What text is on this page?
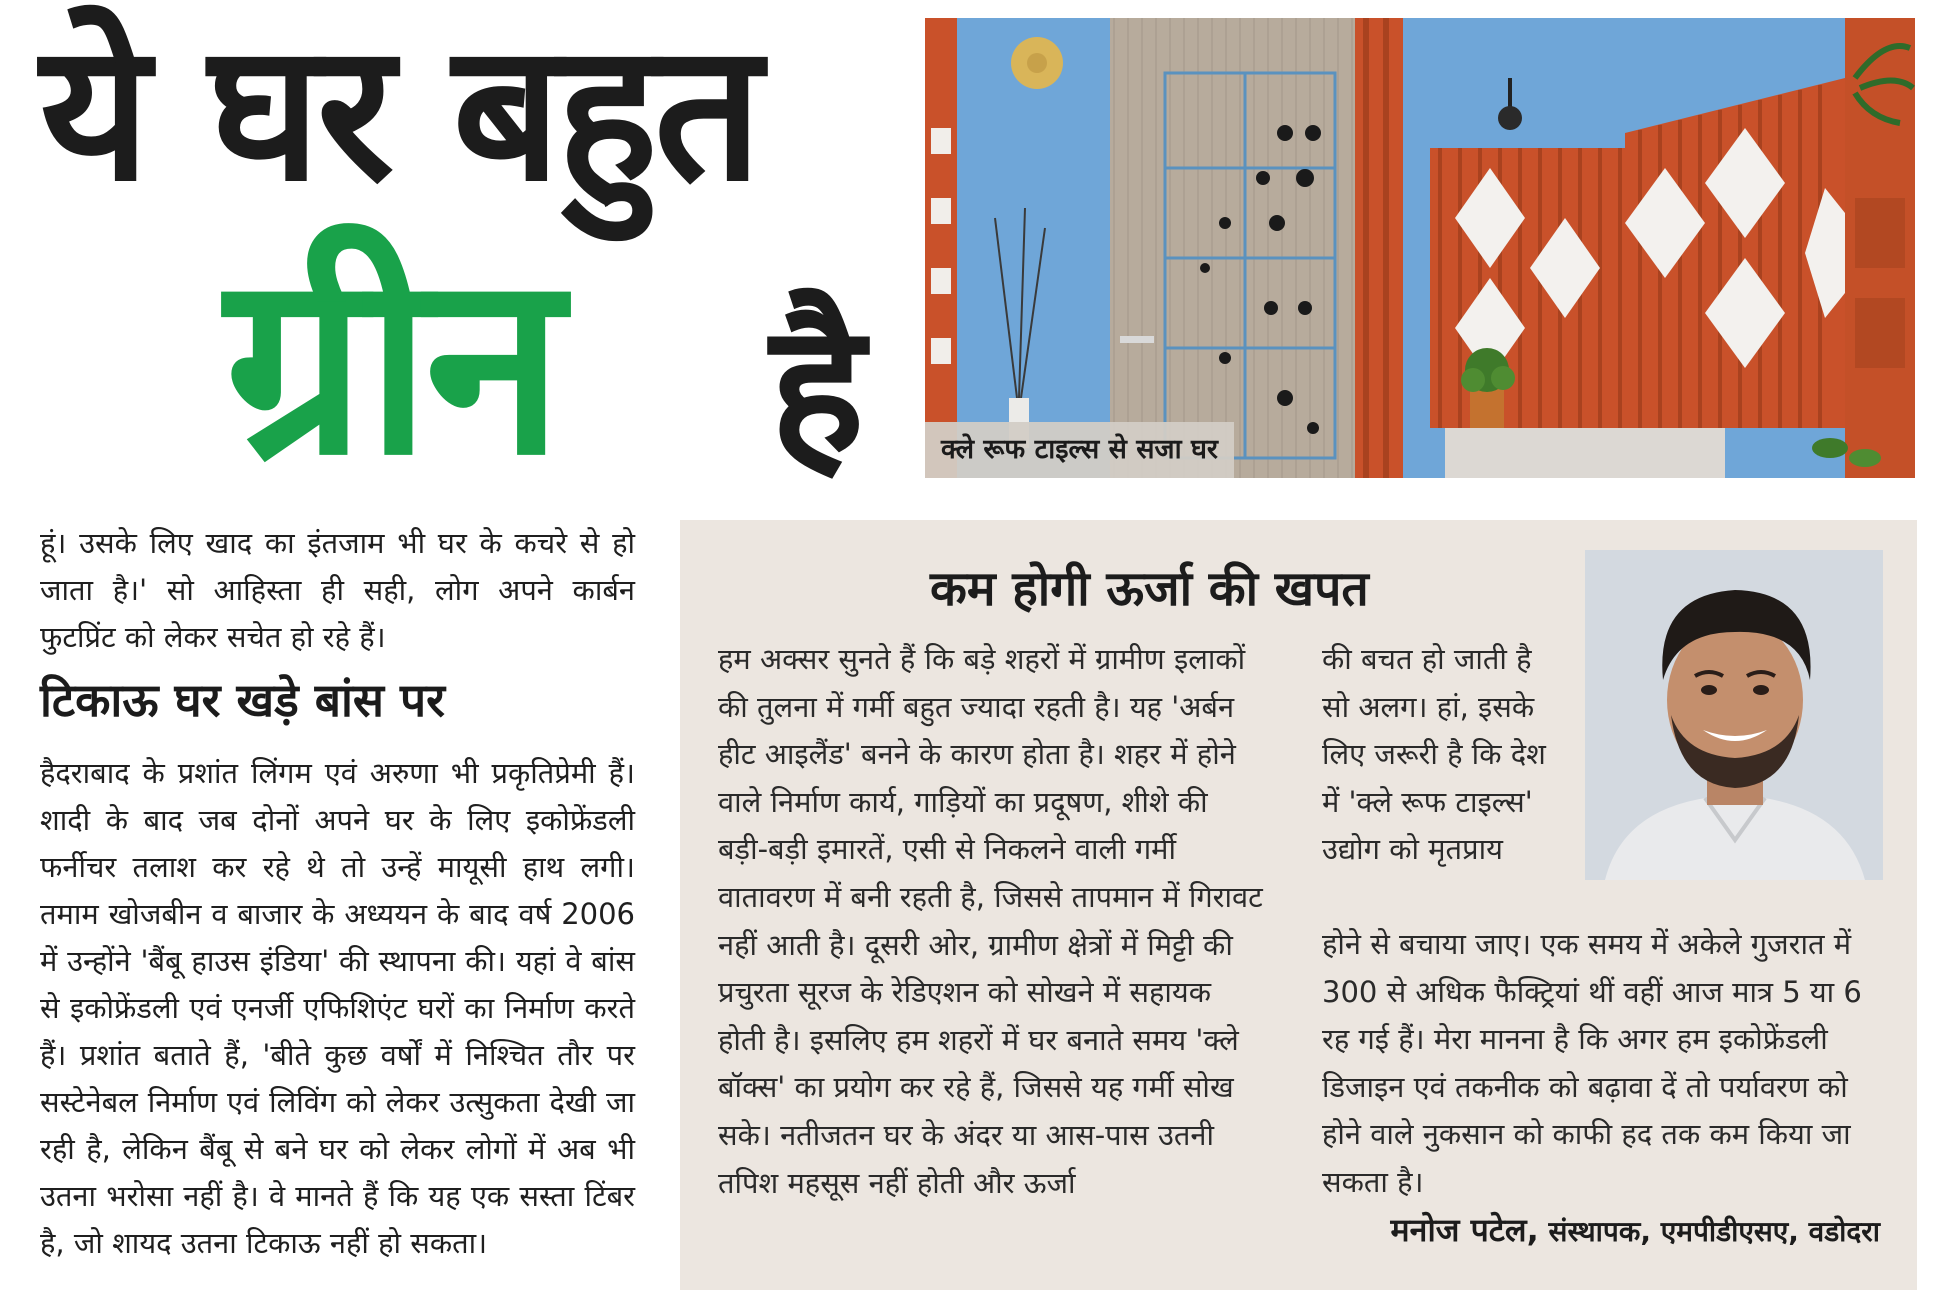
ये घर बहुत
ग्रीन है	क्ले रूफ टाइल्स से सजा घर

हूं। उसके लिए खाद का इंतजाम भी घर के कचरे से हो जाता है।' सो आहिस्ता ही सही, लोग अपने कार्बन फुटप्रिंट को लेकर सचेत हो रहे हैं।

टिकाऊ घर खड़े बांस पर

हैदराबाद के प्रशांत लिंगम एवं अरुणा भी प्रकृतिप्रेमी हैं। शादी के बाद जब दोनों अपने घर के लिए इकोफ्रेंडली फर्नीचर तलाश कर रहे थे तो उन्हें मायूसी हाथ लगी। तमाम खोजबीन व बाजार के अध्ययन के बाद वर्ष 2006 में उन्होंने 'बैंबू हाउस इंडिया' की स्थापना की। यहां वे बांस से इकोफ्रेंडली एवं एनर्जी एफिशिएंट घरों का निर्माण करते हैं। प्रशांत बताते हैं, 'बीते कुछ वर्षों में निश्चित तौर पर सस्टेनेबल निर्माण एवं लिविंग को लेकर उत्सुकता देखी जा रही है, लेकिन बैंबू से बने घर को लेकर लोगों में अब भी उतना भरोसा नहीं है। वे मानते हैं कि यह एक सस्ता टिंबर है, जो शायद उतना टिकाऊ नहीं हो सकता।

कम होगी ऊर्जा की खपत

हम अक्सर सुनते हैं कि बड़े शहरों में ग्रामीण इलाकों की तुलना में गर्मी बहुत ज्यादा रहती है। यह 'अर्बन हीट आइलैंड' बनने के कारण होता है। शहर में होने वाले निर्माण कार्य, गाड़ियों का प्रदूषण, शीशे की बड़ी-बड़ी इमारतें, एसी से निकलने वाली गर्मी वातावरण में बनी रहती है, जिससे तापमान में गिरावट नहीं आती है। दूसरी ओर, ग्रामीण क्षेत्रों में मिट्टी की प्रचुरता सूरज के रेडिएशन को सोखने में सहायक होती है। इसलिए हम शहरों में घर बनाते समय 'क्ले बॉक्स' का प्रयोग कर रहे हैं, जिससे यह गर्मी सोख सके। नतीजतन घर के अंदर या आस-पास उतनी तपिश महसूस नहीं होती और ऊर्जा

की बचत हो जाती है सो अलग। हां, इसके लिए जरूरी है कि देश में 'क्ले रूफ टाइल्स' उद्योग को मृतप्राय

होने से बचाया जाए। एक समय में अकेले गुजरात में 300 से अधिक फैक्ट्रियां थीं वहीं आज मात्र 5 या 6 रह गई हैं। मेरा मानना है कि अगर हम इकोफ्रेंडली डिजाइन एवं तकनीक को बढ़ावा दें तो पर्यावरण को होने वाले नुकसान को काफी हद तक कम किया जा सकता है।

मनोज पटेल, संस्थापक, एमपीडीएसए, वडोदरा
